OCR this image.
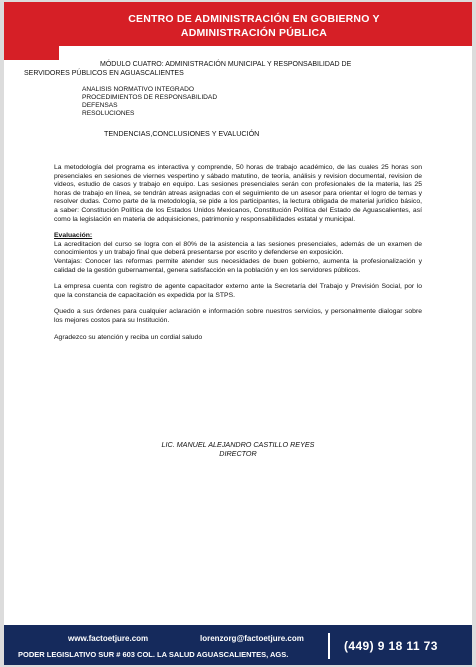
CENTRO DE ADMINISTRACIÓN EN GOBIERNO Y
ADMINISTRACIÓN PÚBLICA
MÓDULO CUATRO: ADMINISTRACIÓN MUNICIPAL Y RESPONSABILIDAD DE
SERVIDORES PÚBLICOS EN AGUASCALIENTES
ANALISIS NORMATIVO INTEGRADO
PROCEDIMIENTOS DE RESPONSABILIDAD
DEFENSAS
RESOLUCIONES
TENDENCIAS,CONCLUSIONES Y EVALUCIÓN

La metodología del programa es interactiva y comprende, 50 horas de trabajo académico, de las cuales 25 horas son presenciales en sesiones de viernes vespertino y sábado matutino, de teoría, análisis y revision documental, revision de videos, estudio de casos y trabajo en equipo. Las sesiones presenciales serán con profesionales de la materia, las 25 horas de trabajo en línea, se tendrán atreas asignadas con el seguimiento de un asesor para orientar el logro de temas y resolver dudas. Como parte de la metodología, se pide a los participantes, la lectura obligada de material jurídico básico, a saber: Constitución Política de los Estados Unidos Mexicanos, Constitución Política del Estado de Aguascalientes, así como la legislación en materia de adquisiciones, patrimonio y responsabilidades estatal y municipal.

Evaluación:
La acreditacion del curso se logra con el 80% de la asistencia a las sesiones presenciales, además de un examen de conocimientos y un trabajo final que deberá presentarse por escrito y defenderse en exposición.
Ventajas: Conocer las reformas permite atender sus necesidades de buen gobierno, aumenta la profesionalización y calidad de la gestión gubernamental, genera satisfacción en la población y en los servidores públicos.

La empresa cuenta con registro de agente capacitador externo ante la Secretaría del Trabajo y Previsión Social, por lo que la constancia de capacitación es expedida por la STPS.

Quedo a sus órdenes para cualquier aclaración e información sobre nuestros servicios, y personalmente dialogar sobre los mejores costos para su Institución.

Agradezco su atención y reciba un cordial saludo

LIC. MANUEL ALEJANDRO CASTILLO REYES
DIRECTOR
www.factoetjure.com	lorenzorg@factoetjure.com
PODER LEGISLATIVO SUR # 603 COL. LA SALUD AGUASCALIENTES, AGS.
(449) 9 18 11 73
